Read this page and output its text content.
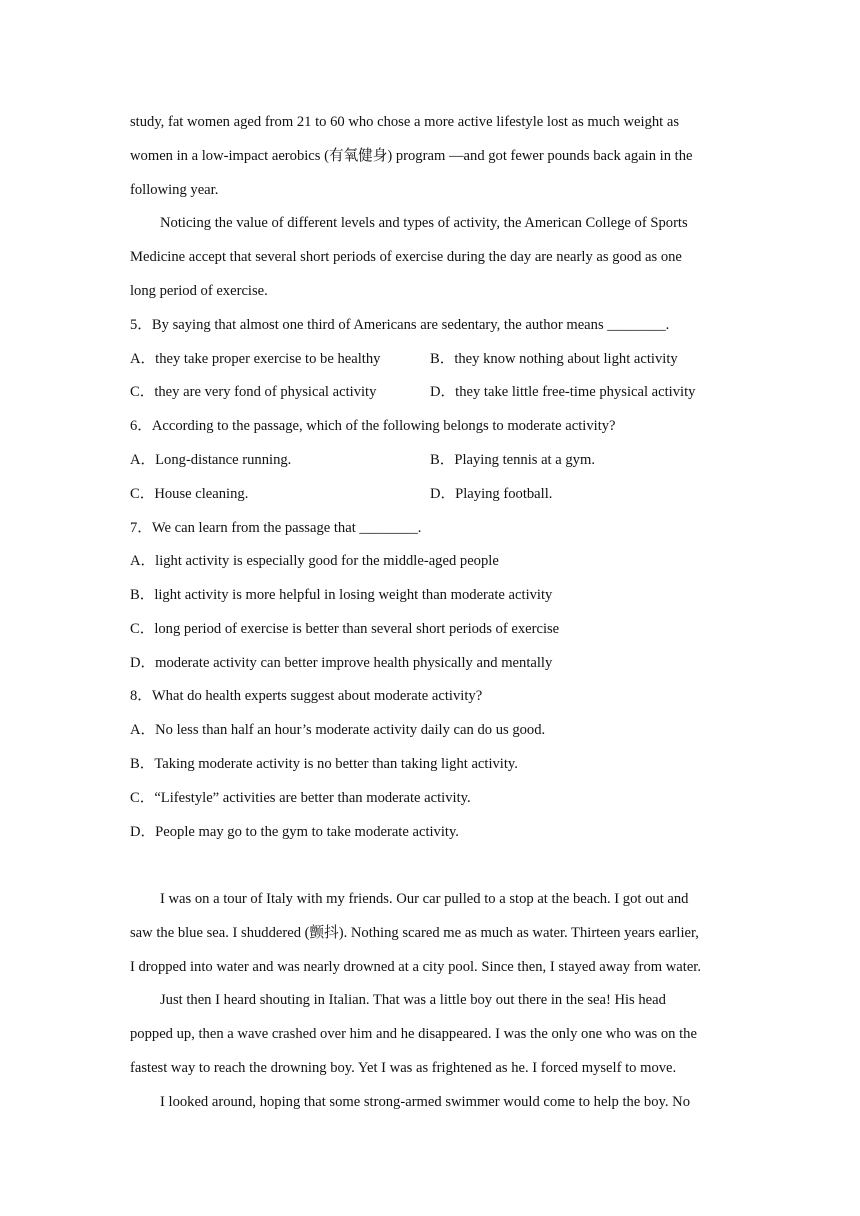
study, fat women aged from 21 to 60 who chose a more active lifestyle lost as much weight as
women in a low-impact aerobics (有氧健身) program —and got fewer pounds back again in the
following year.
Noticing the value of different levels and types of activity, the American College of Sports
Medicine accept that several short periods of exercise during the day are nearly as good as one
long period of exercise.
5．By saying that almost one third of Americans are sedentary, the author means ________.
A．they take proper exercise to be healthy	B．they know nothing about light activity
C．they are very fond of physical activity	D．they take little free-time physical activity
6．According to the passage, which of the following belongs to moderate activity?
A．Long-distance running.	B．Playing tennis at a gym.
C．House cleaning.	D．Playing football.
7．We can learn from the passage that ________.
A．light activity is especially good for the middle-aged people
B．light activity is more helpful in losing weight than moderate activity
C．long period of exercise is better than several short periods of exercise
D．moderate activity can better improve health physically and mentally
8．What do health experts suggest about moderate activity?
A．No less than half an hour’s moderate activity daily can do us good.
B．Taking moderate activity is no better than taking light activity.
C．“Lifestyle” activities are better than moderate activity.
D．People may go to the gym to take moderate activity.
I was on a tour of Italy with my friends. Our car pulled to a stop at the beach. I got out and
saw the blue sea. I shuddered (颤抖). Nothing scared me as much as water. Thirteen years earlier,
I dropped into water and was nearly drowned at a city pool. Since then, I stayed away from water.
Just then I heard shouting in Italian. That was a little boy out there in the sea! His head
popped up, then a wave crashed over him and he disappeared. I was the only one who was on the
fastest way to reach the drowning boy. Yet I was as frightened as he. I forced myself to move.
I looked around, hoping that some strong-armed swimmer would come to help the boy. No
